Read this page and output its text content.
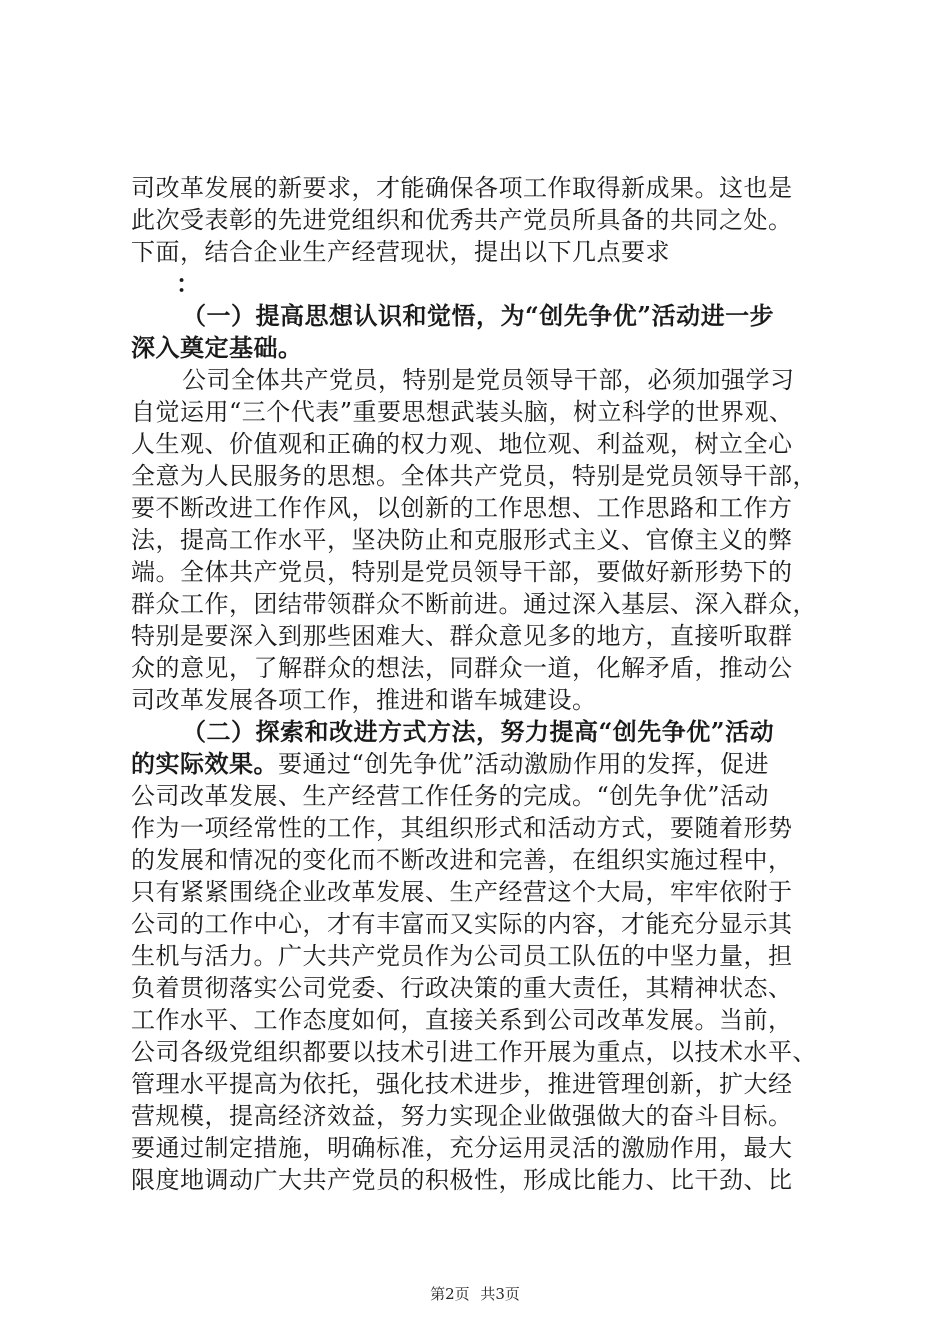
司改革发展的新要求，才能确保各项工作取得新成果。这也是
此次受表彰的先进党组织和优秀共产党员所具备的共同之处。
下面，结合企业生产经营现状，提出以下几点要求
：
（一）提高思想认识和觉悟，为“创先争优”活动进一步
深入奠定基础。
公司全体共产党员，特别是党员领导干部，必须加强学习
自觉运用“三个代表”重要思想武装头脑，树立科学的世界观、
人生观、价值观和正确的权力观、地位观、利益观，树立全心
全意为人民服务的思想。全体共产党员，特别是党员领导干部，
要不断改进工作作风，以创新的工作思想、工作思路和工作方
法，提高工作水平，坚决防止和克服形式主义、官僚主义的弊
端。全体共产党员，特别是党员领导干部，要做好新形势下的
群众工作，团结带领群众不断前进。通过深入基层、深入群众，
特别是要深入到那些困难大、群众意见多的地方，直接听取群
众的意见，了解群众的想法，同群众一道，化解矛盾，推动公
司改革发展各项工作，推进和谐车城建设。
（二）探索和改进方式方法，努力提高“创先争优”活动
的实际效果。要通过“创先争优”活动激励作用的发挥，促进
公司改革发展、生产经营工作任务的完成。“创先争优”活动
作为一项经常性的工作，其组织形式和活动方式，要随着形势
的发展和情况的变化而不断改进和完善，在组织实施过程中，
只有紧紧围绕企业改革发展、生产经营这个大局，牢牢依附于
公司的工作中心，才有丰富而又实际的内容，才能充分显示其
生机与活力。广大共产党员作为公司员工队伍的中坚力量，担
负着贯彻落实公司党委、行政决策的重大责任，其精神状态、
工作水平、工作态度如何，直接关系到公司改革发展。当前，
公司各级党组织都要以技术引进工作开展为重点，以技术水平、
管理水平提高为依托，强化技术进步，推进管理创新，扩大经
营规模，提高经济效益，努力实现企业做强做大的奋斗目标。
要通过制定措施，明确标准，充分运用灵活的激励作用，最大
限度地调动广大共产党员的积极性，形成比能力、比干劲、比
第2页 共3页
